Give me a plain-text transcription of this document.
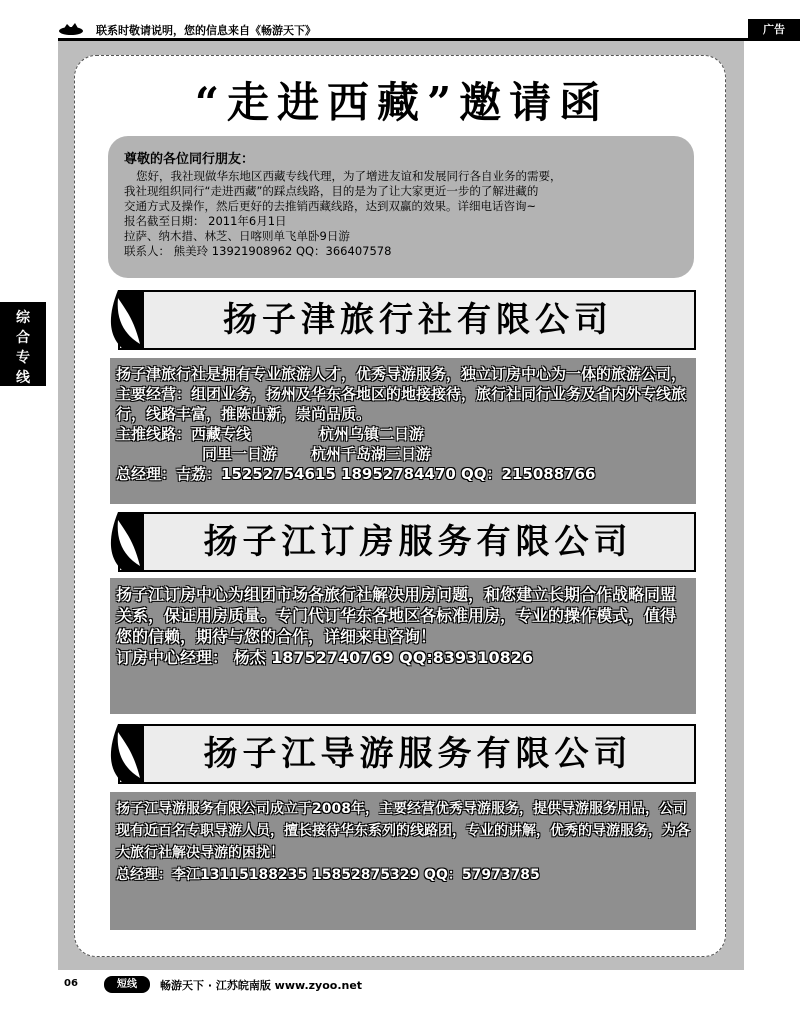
联系时敬请说明，您的信息来自《畅游天下》	广告
综
合
专
线
“走进西藏”邀请函
尊敬的各位同行朋友：

您好，我社现做华东地区西藏专线代理，为了增进友谊和发展同行各自业务的需要，

我社现组织同行“走进西藏”的踩点线路，目的是为了让大家更近一步的了解进藏的

交通方式及操作，然后更好的去推销西藏线路，达到双赢的效果。详细电话咨询~

报名截至日期： 2011年6月1日

拉萨、纳木措、林芝、日喀则单飞单卧9日游

联系人： 熊美玲 13921908962 QQ：366407578

扬子津旅行社有限公司
扬子津旅行社是拥有专业旅游人才，优秀导游服务，独立订房中心为一体的旅游公司，主要经营：组团业务，扬州及华东各地区的地接接待，旅行社同行业务及省内外专线旅行，线路丰富，推陈出新，崇尚品质。
主推线路：西藏专线	杭州乌镇二日游
同里一日游 杭州千岛湖三日游
总经理：吉荔：15252754615 18952784470 QQ：215088766
扬子江订房服务有限公司
扬子江订房中心为组团市场各旅行社解决用房问题，和您建立长期合作战略同盟关系，保证用房质量。专门代订华东各地区各标准用房，专业的操作模式，值得您的信赖，期待与您的合作，详细来电咨询！
订房中心经理： 杨杰 18752740769 QQ:839310826
扬子江导游服务有限公司
扬子江导游服务有限公司成立于2008年，主要经营优秀导游服务，提供导游服务用品，公司现有近百名专职导游人员，擅长接待华东系列的线路团，专业的讲解，优秀的导游服务，为各大旅行社解决导游的困扰！
总经理：李江13115188235 15852875329 QQ：57973785
06	短线	畅游天下 · 江苏皖南版 www.zyoo.net
